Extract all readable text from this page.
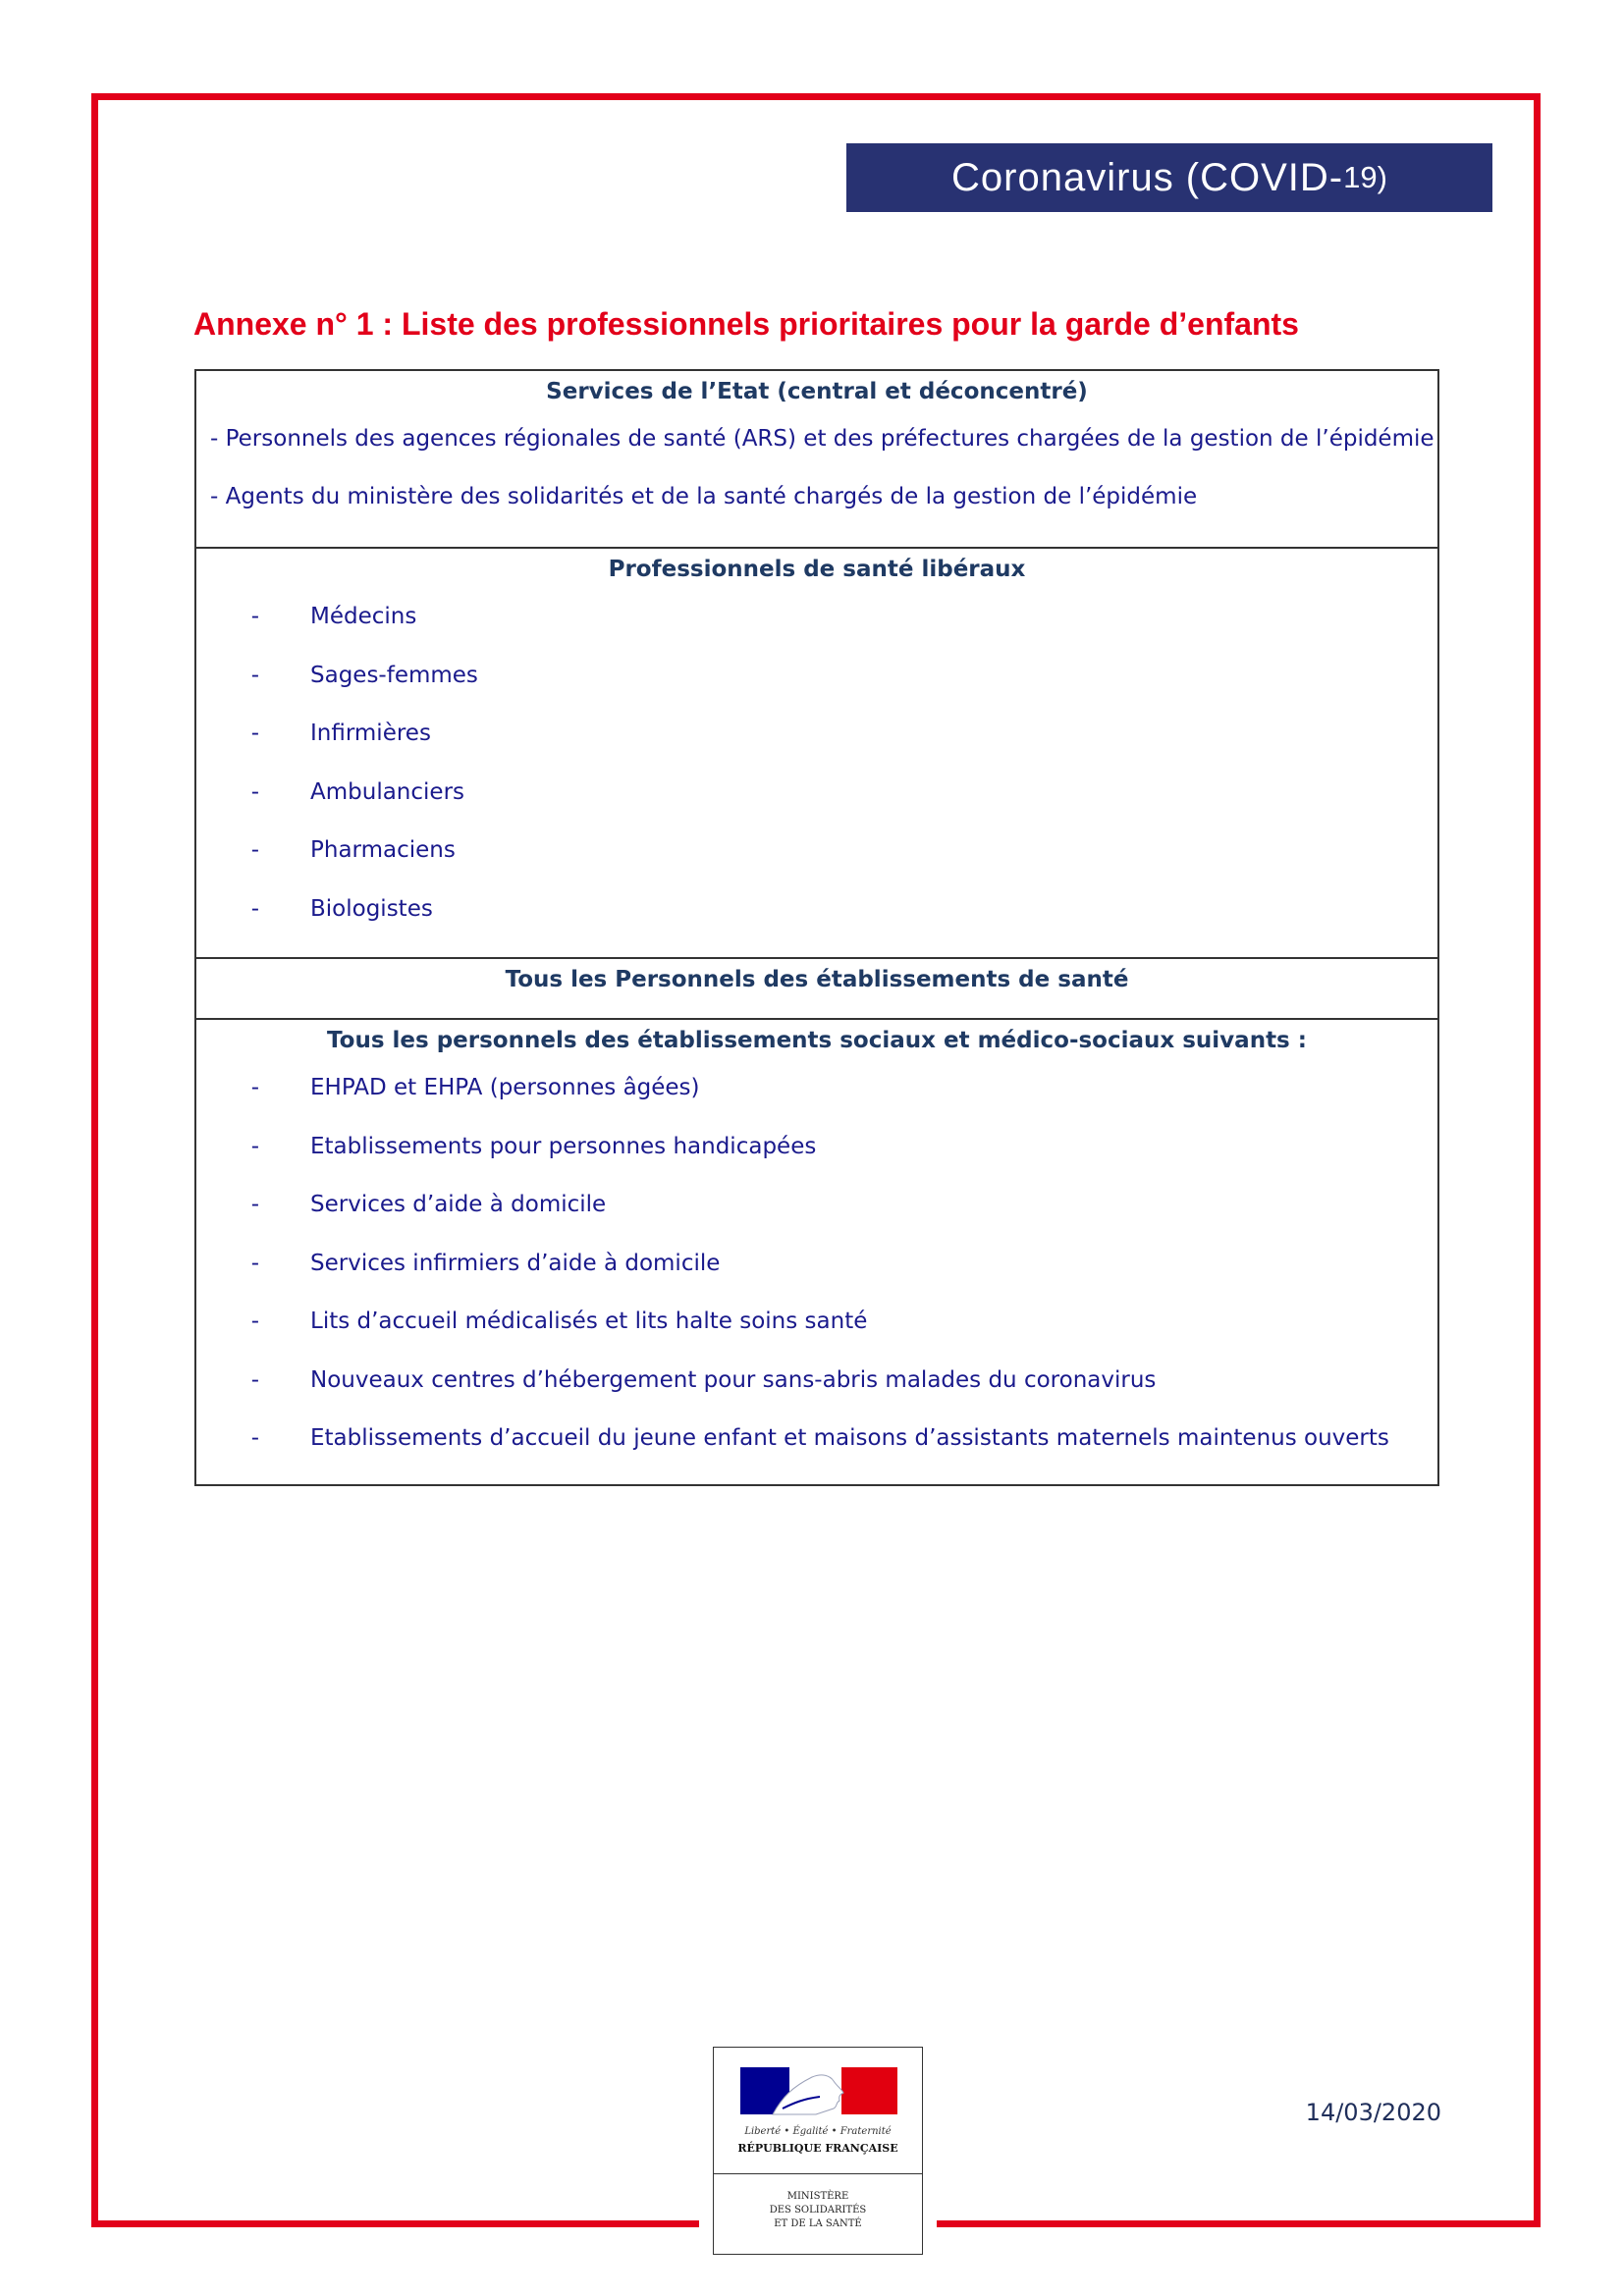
Coronavirus (COVID- 19)
Annexe n° 1 : Liste des professionnels prioritaires pour la garde d’enfants
Services de l’Etat (central et déconcentré)
- Personnels des agences régionales de santé (ARS) et des préfectures chargées de la gestion de l’épidémie
- Agents du ministère des solidarités et de la santé chargés de la gestion de l’épidémie
Professionnels de santé libéraux
-	Médecins
-	Sages-femmes
-	Infirmières
-	Ambulanciers
-	Pharmaciens
-	Biologistes
Tous les Personnels des établissements de santé
Tous les personnels des établissements sociaux et médico-sociaux suivants :
-	EHPAD et EHPA (personnes âgées)
-	Etablissements pour personnes handicapées
-	Services d’aide à domicile
-	Services infirmiers d’aide à domicile
-	Lits d’accueil médicalisés et lits halte soins santé
-	Nouveaux centres d’hébergement pour sans-abris malades du coronavirus
-	Etablissements d’accueil du jeune enfant et maisons d’assistants maternels maintenus ouverts
Liberté • Égalité • Fraternité
RÉPUBLIQUE FRANÇAISE
MINISTÈRE
DES SOLIDARITÉS
ET DE LA SANTÉ
14/03/2020
